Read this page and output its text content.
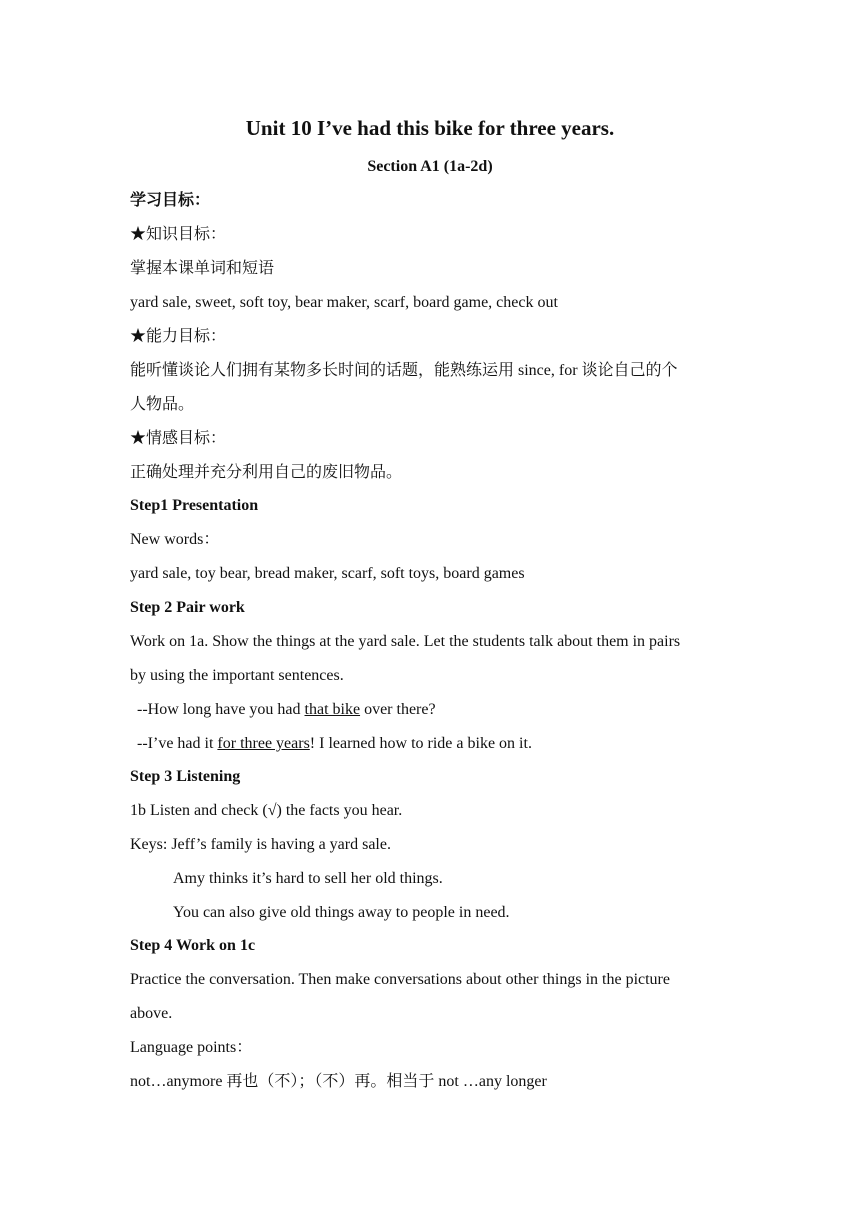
Unit 10 I’ve had this bike for three years.
Section A1 (1a-2d)
学习目标：
★知识目标：
掌握本课单词和短语
yard sale, sweet, soft toy, bear maker, scarf, board game, check out
★能力目标：
能听懂谈论人们拥有某物多长时间的话题，能熟练运用 since, for 谈论自己的个
人物品。
★情感目标：
正确处理并充分利用自己的废旧物品。
Step1 Presentation
New words：
yard sale, toy bear, bread maker, scarf, soft toys, board games
Step 2 Pair work
Work on 1a. Show the things at the yard sale. Let the students talk about them in pairs
by using the important sentences.
--How long have you had that bike over there?
--I’ve had it for three years! I learned how to ride a bike on it.
Step 3 Listening
1b Listen and check (√) the facts you hear.
Keys: Jeff’s family is having a yard sale.
Amy thinks it’s hard to sell her old things.
You can also give old things away to people in need.
Step 4 Work on 1c
Practice the conversation. Then make conversations about other things in the picture
above.
Language points：
not…anymore 再也（不）；（不）再。相当于 not …any longer
